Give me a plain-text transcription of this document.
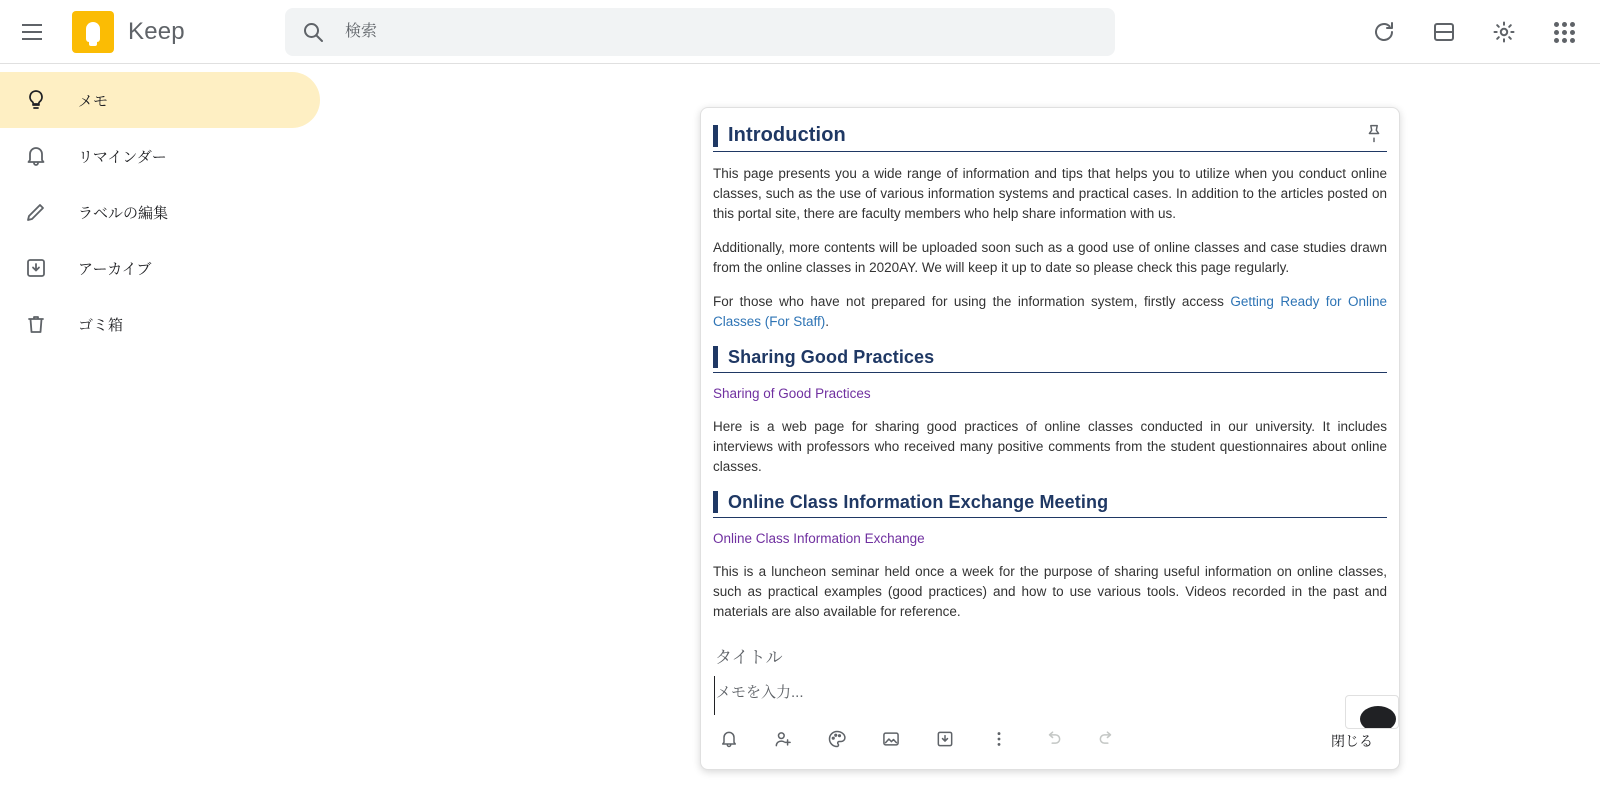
Keep
検索
メモ
リマインダー
ラベルの編集
アーカイブ
ゴミ箱
Introduction

This page presents you a wide range of information and tips that helps you to utilize when you conduct online classes, such as the use of various information systems and practical cases. In addition to the articles posted on this portal site, there are faculty members who help share information with us.

Additionally, more contents will be uploaded soon such as a good use of online classes and case studies drawn from the online classes in 2020AY. We will keep it up to date so please check this page regularly.

For those who have not prepared for using the information system, firstly access Getting Ready for Online Classes (For Staff).

Sharing Good Practices

Sharing of Good Practices

Here is a web page for sharing good practices of online classes conducted in our university. It includes interviews with professors who received many positive comments from the student questionnaires about online classes.

Online Class Information Exchange Meeting

Online Class Information Exchange

This is a luncheon seminar held once a week for the purpose of sharing useful information on online classes, such as practical examples (good practices) and how to use various tools. Videos recorded in the past and materials are also available for reference.

タイトル メモを入力...
閉じる
